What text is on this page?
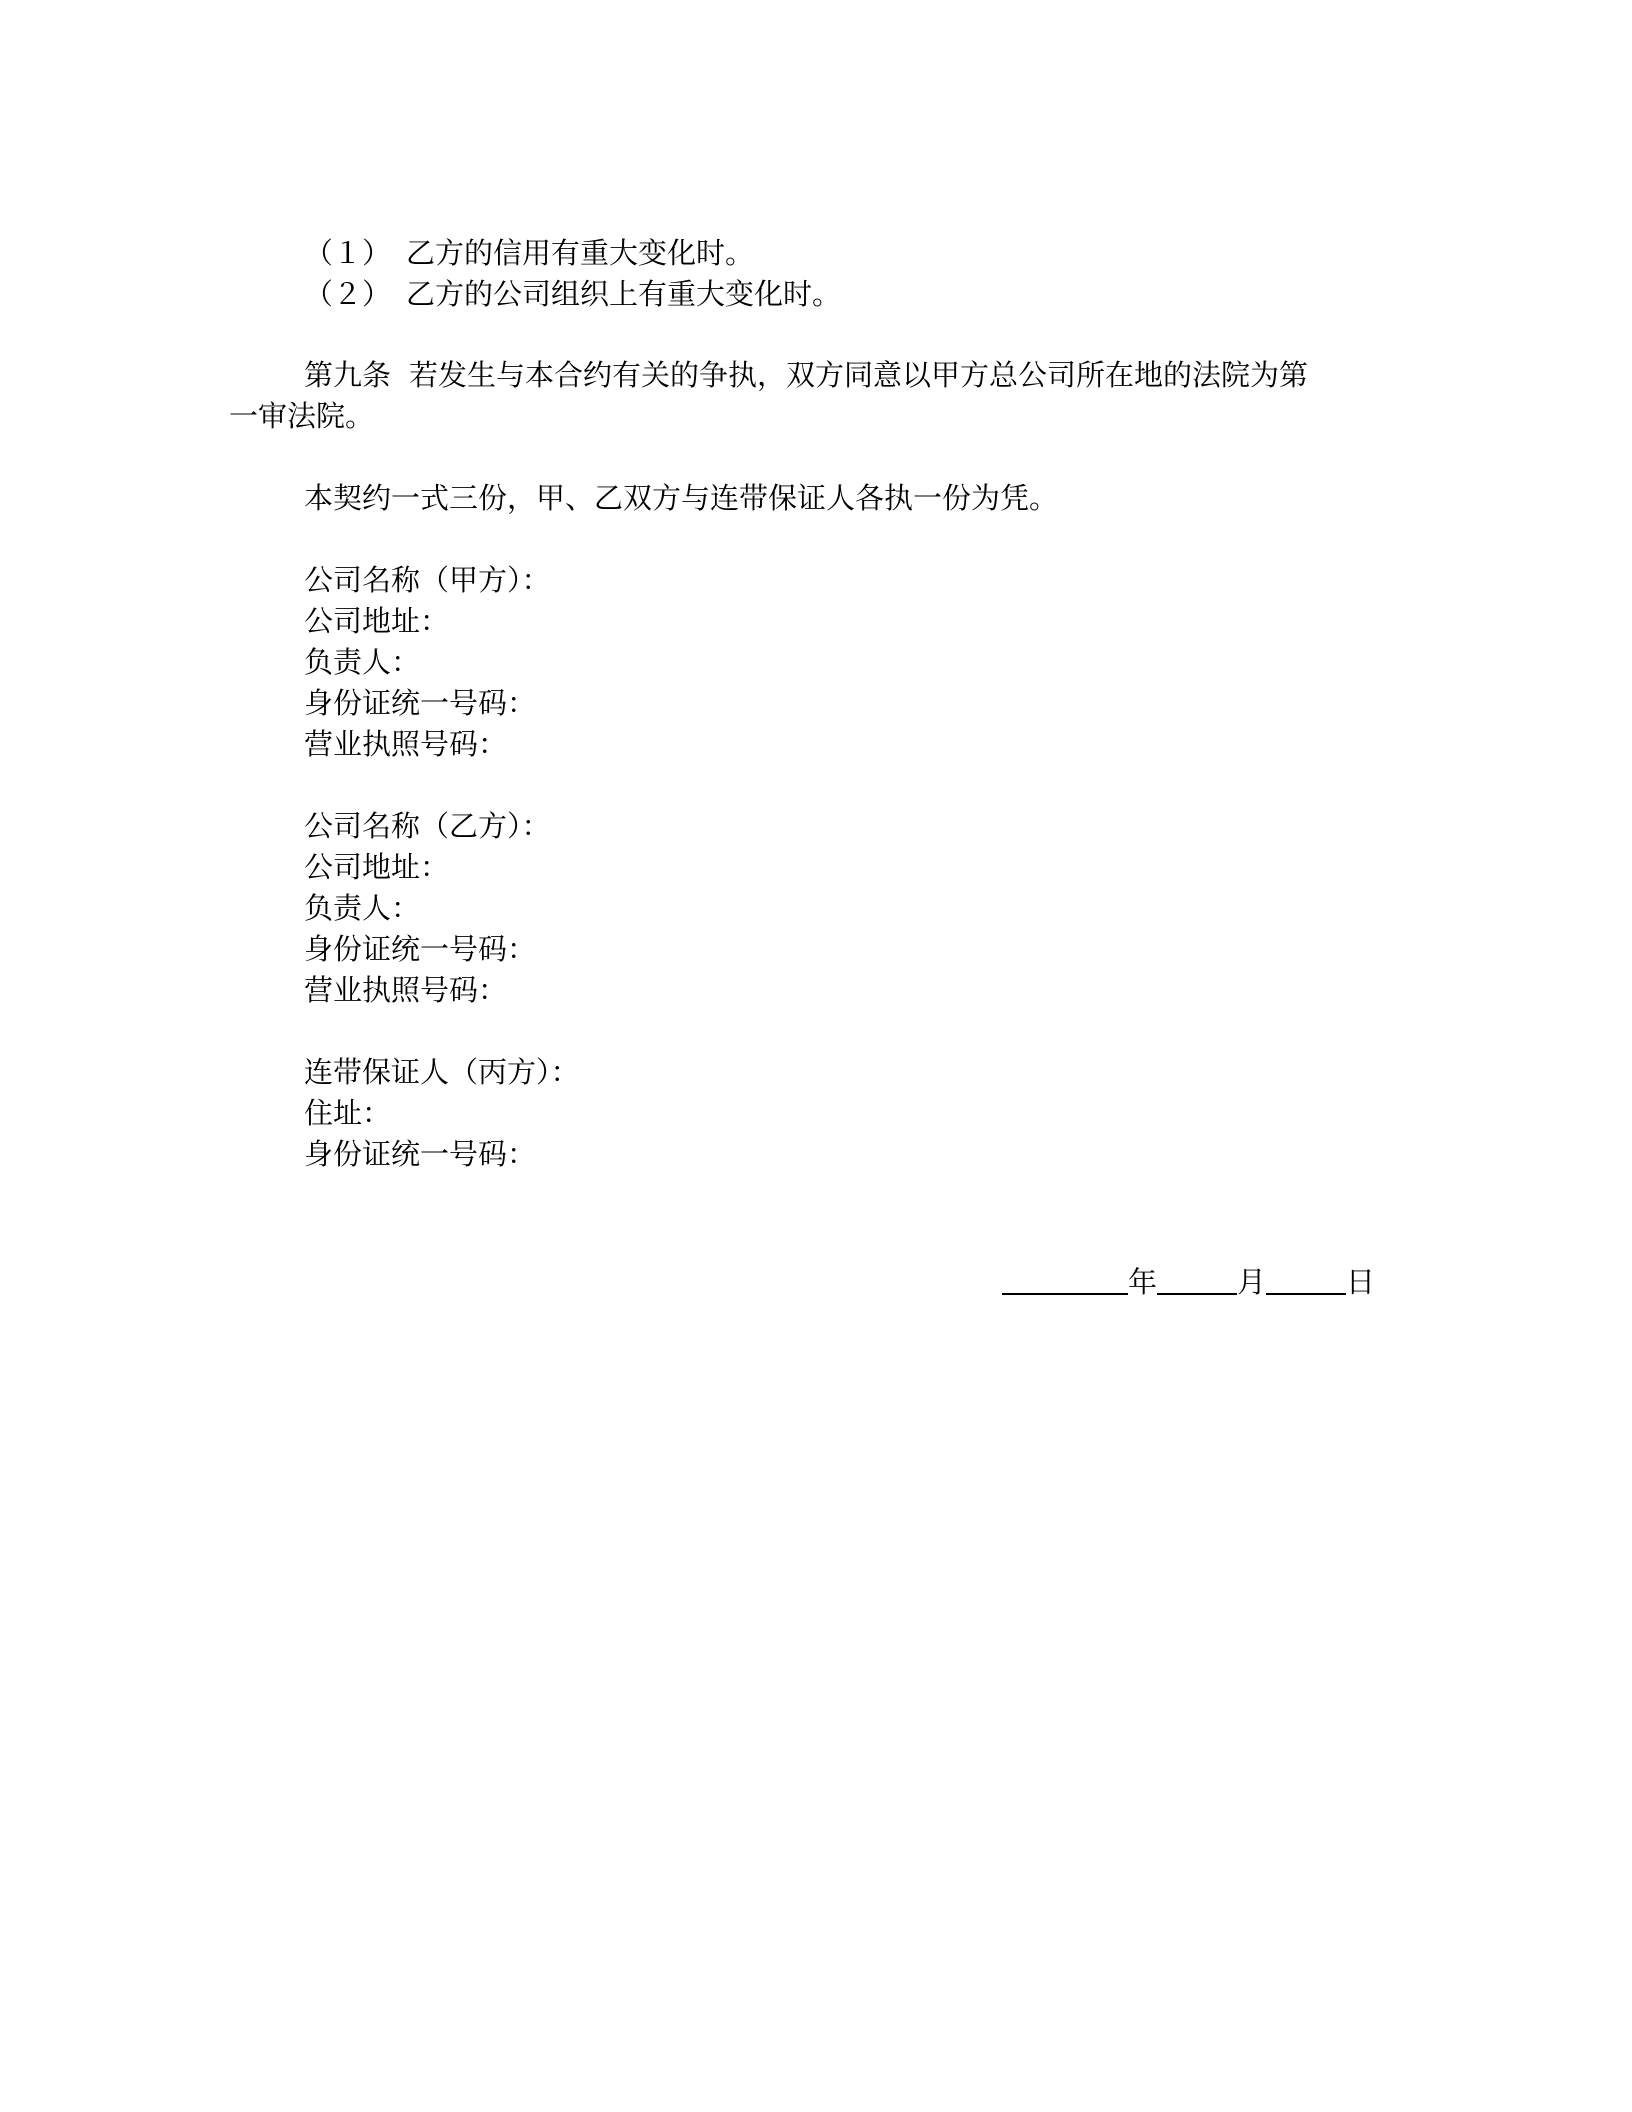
（１） 乙方的信用有重大变化时。
（２） 乙方的公司组织上有重大变化时。
第九条 若发生与本合约有关的争执，双方同意以甲方总公司所在地的法院为第
一审法院。
本契约一式三份，甲、乙双方与连带保证人各执一份为凭。
公司名称（甲方）：
公司地址：
负责人：
身份证统一号码：
营业执照号码：
公司名称（乙方）：
公司地址：
负责人：
身份证统一号码：
营业执照号码：
连带保证人（丙方）：
住址：
身份证统一号码：
年	月	日
